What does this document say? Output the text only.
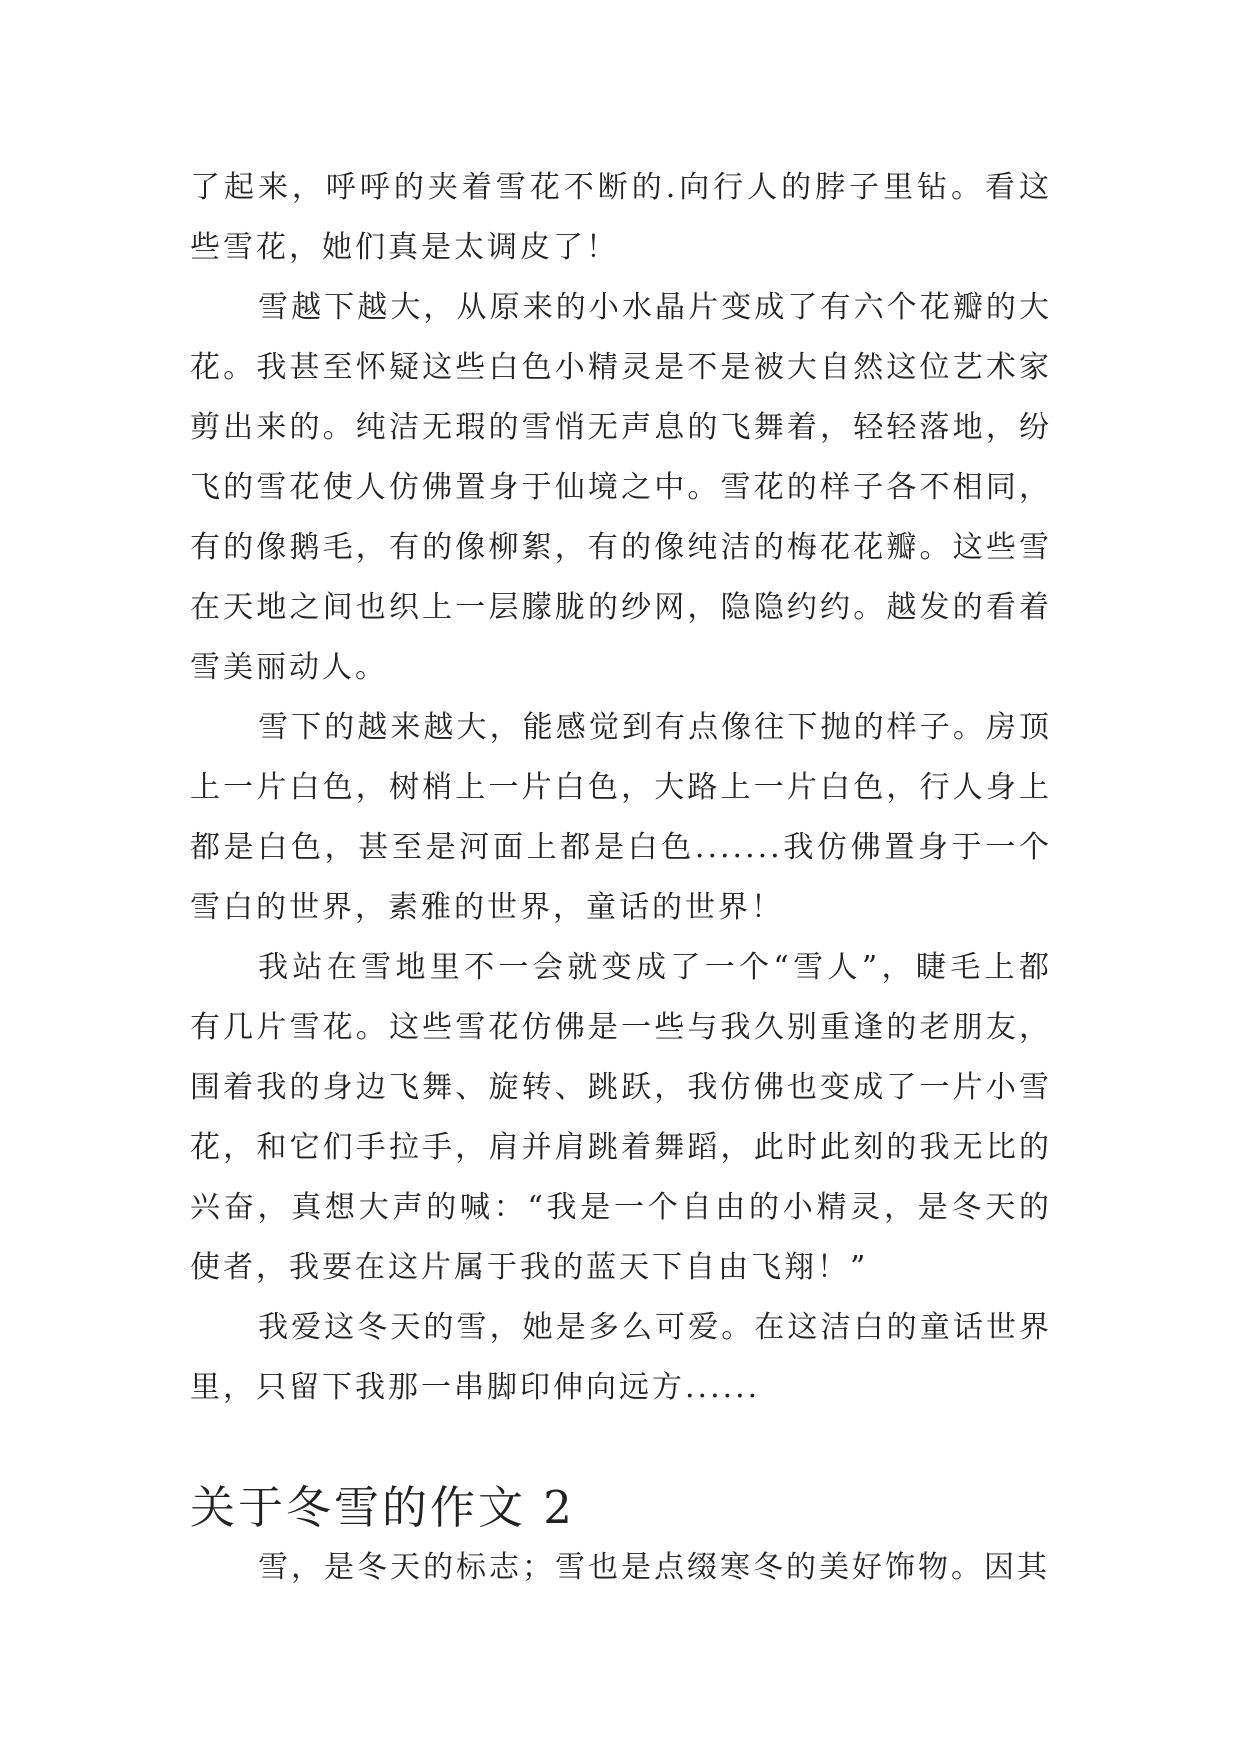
了起来，呼呼的夹着雪花不断的.向行人的脖子里钻。看这些雪花，她们真是太调皮了！

雪越下越大，从原来的小水晶片变成了有六个花瓣的大花。我甚至怀疑这些白色小精灵是不是被大自然这位艺术家剪出来的。纯洁无瑕的雪悄无声息的飞舞着，轻轻落地，纷飞的雪花使人仿佛置身于仙境之中。雪花的样子各不相同，有的像鹅毛，有的像柳絮，有的像纯洁的梅花花瓣。这些雪在天地之间也织上一层朦胧的纱网，隐隐约约。越发的看着雪美丽动人。

雪下的越来越大，能感觉到有点像往下抛的样子。房顶上一片白色，树梢上一片白色，大路上一片白色，行人身上都是白色，甚至是河面上都是白色.......我仿佛置身于一个雪白的世界，素雅的世界，童话的世界！

我站在雪地里不一会就变成了一个“雪人”，睫毛上都有几片雪花。这些雪花仿佛是一些与我久别重逢的老朋友，围着我的身边飞舞、旋转、跳跃，我仿佛也变成了一片小雪花，和它们手拉手，肩并肩跳着舞蹈，此时此刻的我无比的兴奋，真想大声的喊：“我是一个自由的小精灵，是冬天的使者，我要在这片属于我的蓝天下自由飞翔！”

我爱这冬天的雪，她是多么可爱。在这洁白的童话世界里，只留下我那一串脚印伸向远方......

关于冬雪的作文 2

雪，是冬天的标志；雪也是点缀寒冬的美好饰物。因其
